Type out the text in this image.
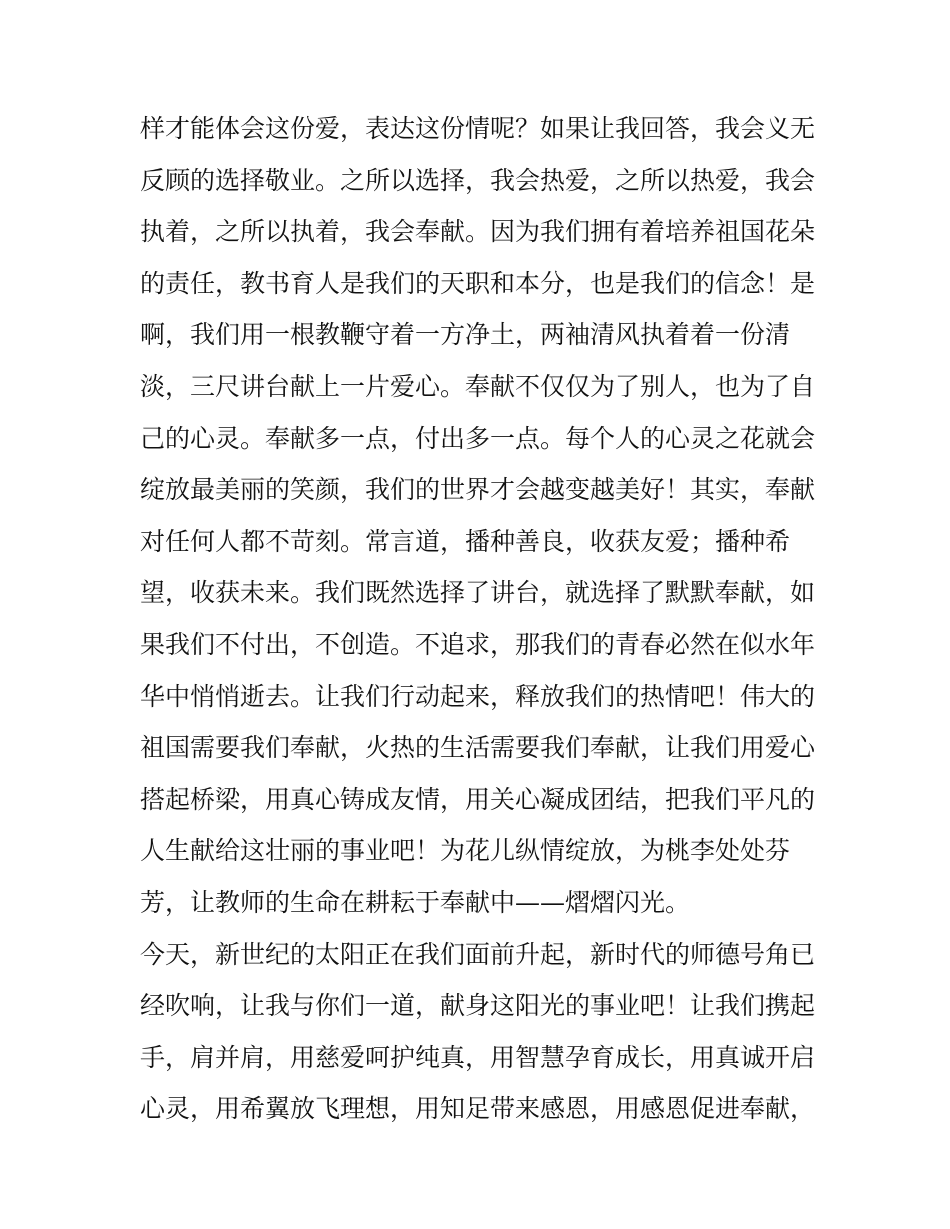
样才能体会这份爱，表达这份情呢？如果让我回答，我会义无
反顾的选择敬业。之所以选择，我会热爱，之所以热爱，我会
执着，之所以执着，我会奉献。因为我们拥有着培养祖国花朵
的责任，教书育人是我们的天职和本分，也是我们的信念！是
啊，我们用一根教鞭守着一方净土，两袖清风执着着一份清
淡，三尺讲台献上一片爱心。奉献不仅仅为了别人，也为了自
己的心灵。奉献多一点，付出多一点。每个人的心灵之花就会
绽放最美丽的笑颜，我们的世界才会越变越美好！其实，奉献
对任何人都不苛刻。常言道，播种善良，收获友爱；播种希
望，收获未来。我们既然选择了讲台，就选择了默默奉献，如
果我们不付出，不创造。不追求，那我们的青春必然在似水年
华中悄悄逝去。让我们行动起来，释放我们的热情吧！伟大的
祖国需要我们奉献，火热的生活需要我们奉献，让我们用爱心
搭起桥梁，用真心铸成友情，用关心凝成团结，把我们平凡的
人生献给这壮丽的事业吧！为花儿纵情绽放，为桃李处处芬
芳，让教师的生命在耕耘于奉献中——熠熠闪光。
今天，新世纪的太阳正在我们面前升起，新时代的师德号角已
经吹响，让我与你们一道，献身这阳光的事业吧！让我们携起
手，肩并肩，用慈爱呵护纯真，用智慧孕育成长，用真诚开启
心灵，用希翼放飞理想，用知足带来感恩，用感恩促进奉献，
